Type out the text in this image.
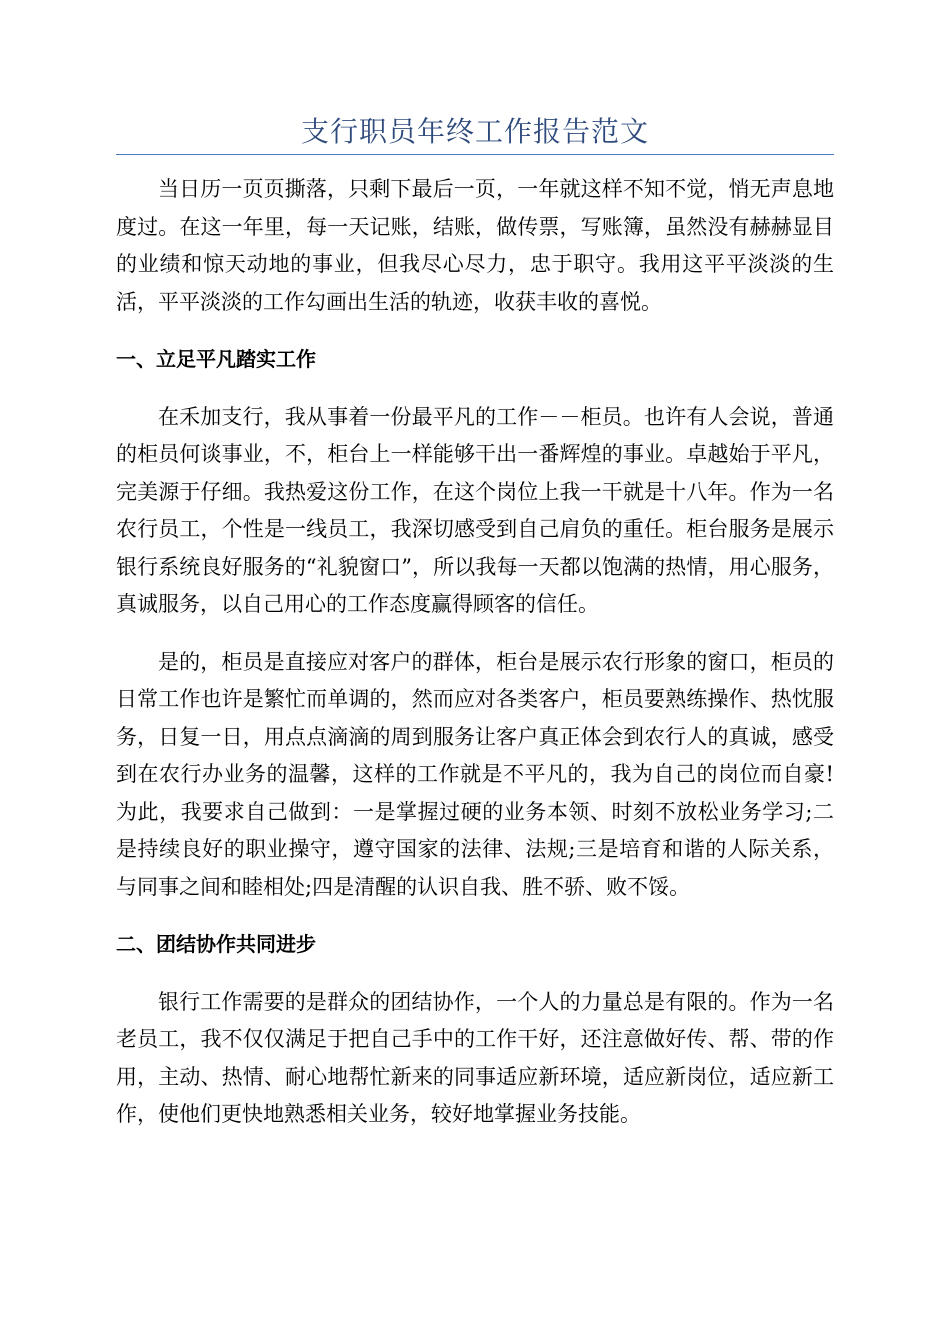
支行职员年终工作报告范文

当日历一页页撕落，只剩下最后一页，一年就这样不知不觉，悄无声息地度过。在这一年里，每一天记账，结账，做传票，写账簿，虽然没有赫赫显目的业绩和惊天动地的事业，但我尽心尽力，忠于职守。我用这平平淡淡的生活，平平淡淡的工作勾画出生活的轨迹，收获丰收的喜悦。

一、立足平凡踏实工作

在禾加支行，我从事着一份最平凡的工作－－柜员。也许有人会说，普通的柜员何谈事业，不，柜台上一样能够干出一番辉煌的事业。卓越始于平凡，完美源于仔细。我热爱这份工作，在这个岗位上我一干就是十八年。作为一名农行员工，个性是一线员工，我深切感受到自己肩负的重任。柜台服务是展示银行系统良好服务的“礼貌窗口”，所以我每一天都以饱满的热情，用心服务，真诚服务，以自己用心的工作态度赢得顾客的信任。

是的，柜员是直接应对客户的群体，柜台是展示农行形象的窗口，柜员的日常工作也许是繁忙而单调的，然而应对各类客户，柜员要熟练操作、热忱服务，日复一日，用点点滴滴的周到服务让客户真正体会到农行人的真诚，感受到在农行办业务的温馨，这样的工作就是不平凡的，我为自己的岗位而自豪!为此，我要求自己做到：一是掌握过硬的业务本领、时刻不放松业务学习;二是持续良好的职业操守，遵守国家的法律、法规;三是培育和谐的人际关系，与同事之间和睦相处;四是清醒的认识自我、胜不骄、败不馁。

二、团结协作共同进步

银行工作需要的是群众的团结协作，一个人的力量总是有限的。作为一名老员工，我不仅仅满足于把自己手中的工作干好，还注意做好传、帮、带的作用，主动、热情、耐心地帮忙新来的同事适应新环境，适应新岗位，适应新工作，使他们更快地熟悉相关业务，较好地掌握业务技能。
